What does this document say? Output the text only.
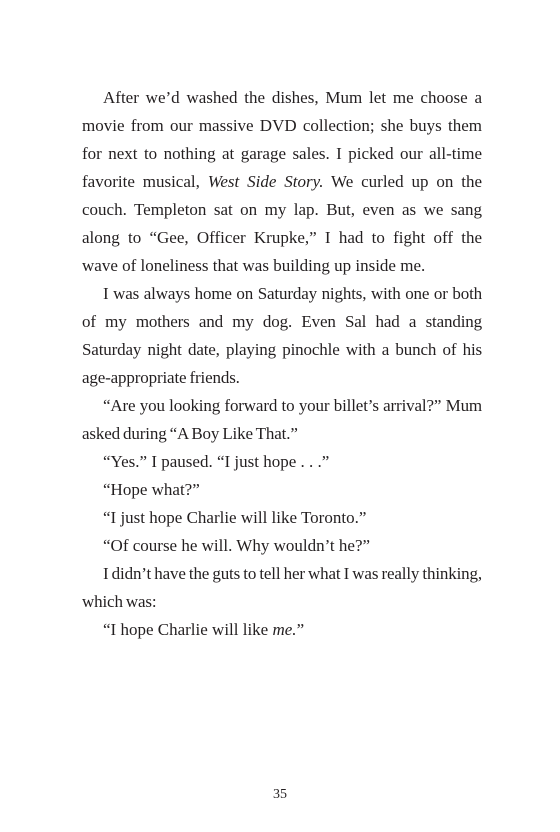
After we’d washed the dishes, Mum let me choose a movie from our massive DVD collection; she buys them for next to nothing at garage sales. I picked our all-time favorite musical, West Side Story. We curled up on the couch. Templeton sat on my lap. But, even as we sang along to “Gee, Officer Krupke,” I had to fight off the wave of loneliness that was building up inside me.

I was always home on Saturday nights, with one or both of my mothers and my dog. Even Sal had a standing Saturday night date, playing pinochle with a bunch of his age-appropriate friends.

“Are you looking forward to your billet’s arrival?” Mum asked during “A Boy Like That.”

“Yes.” I paused. “I just hope . . .”

“Hope what?”

“I just hope Charlie will like Toronto.”

“Of course he will. Why wouldn’t he?”

I didn’t have the guts to tell her what I was really thinking, which was:

“I hope Charlie will like me.”

35
